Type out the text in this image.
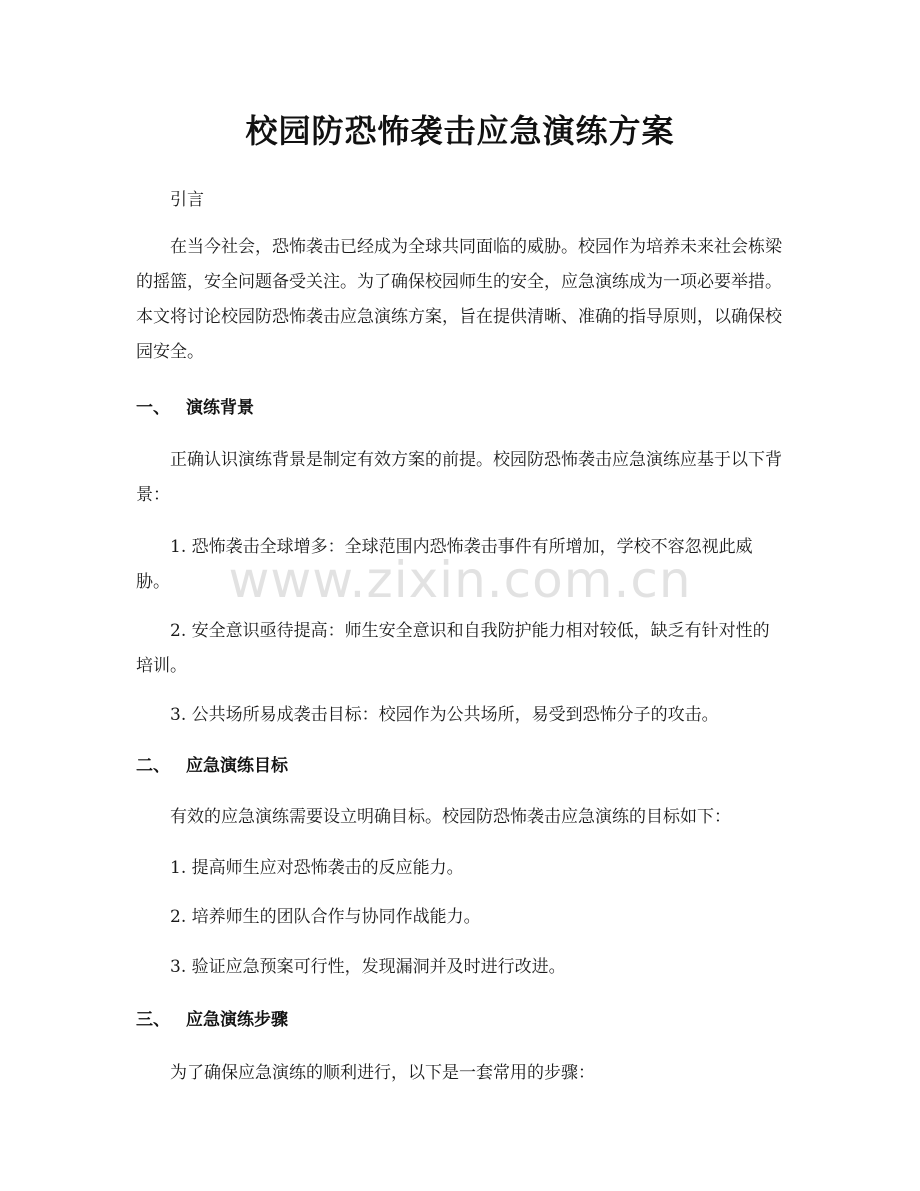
校园防恐怖袭击应急演练方案
引言
在当今社会，恐怖袭击已经成为全球共同面临的威胁。校园作为培养未来社会栋梁的摇篮，安全问题备受关注。为了确保校园师生的安全，应急演练成为一项必要举措。本文将讨论校园防恐怖袭击应急演练方案，旨在提供清晰、准确的指导原则，以确保校园安全。
一、 演练背景
正确认识演练背景是制定有效方案的前提。校园防恐怖袭击应急演练应基于以下背景：
1. 恐怖袭击全球增多：全球范围内恐怖袭击事件有所增加，学校不容忽视此威胁。
2. 安全意识亟待提高：师生安全意识和自我防护能力相对较低，缺乏有针对性的培训。
3. 公共场所易成袭击目标：校园作为公共场所，易受到恐怖分子的攻击。
二、 应急演练目标
有效的应急演练需要设立明确目标。校园防恐怖袭击应急演练的目标如下：
1. 提高师生应对恐怖袭击的反应能力。
2. 培养师生的团队合作与协同作战能力。
3. 验证应急预案可行性，发现漏洞并及时进行改进。
三、 应急演练步骤
为了确保应急演练的顺利进行，以下是一套常用的步骤：
www.zixin.com.cn
